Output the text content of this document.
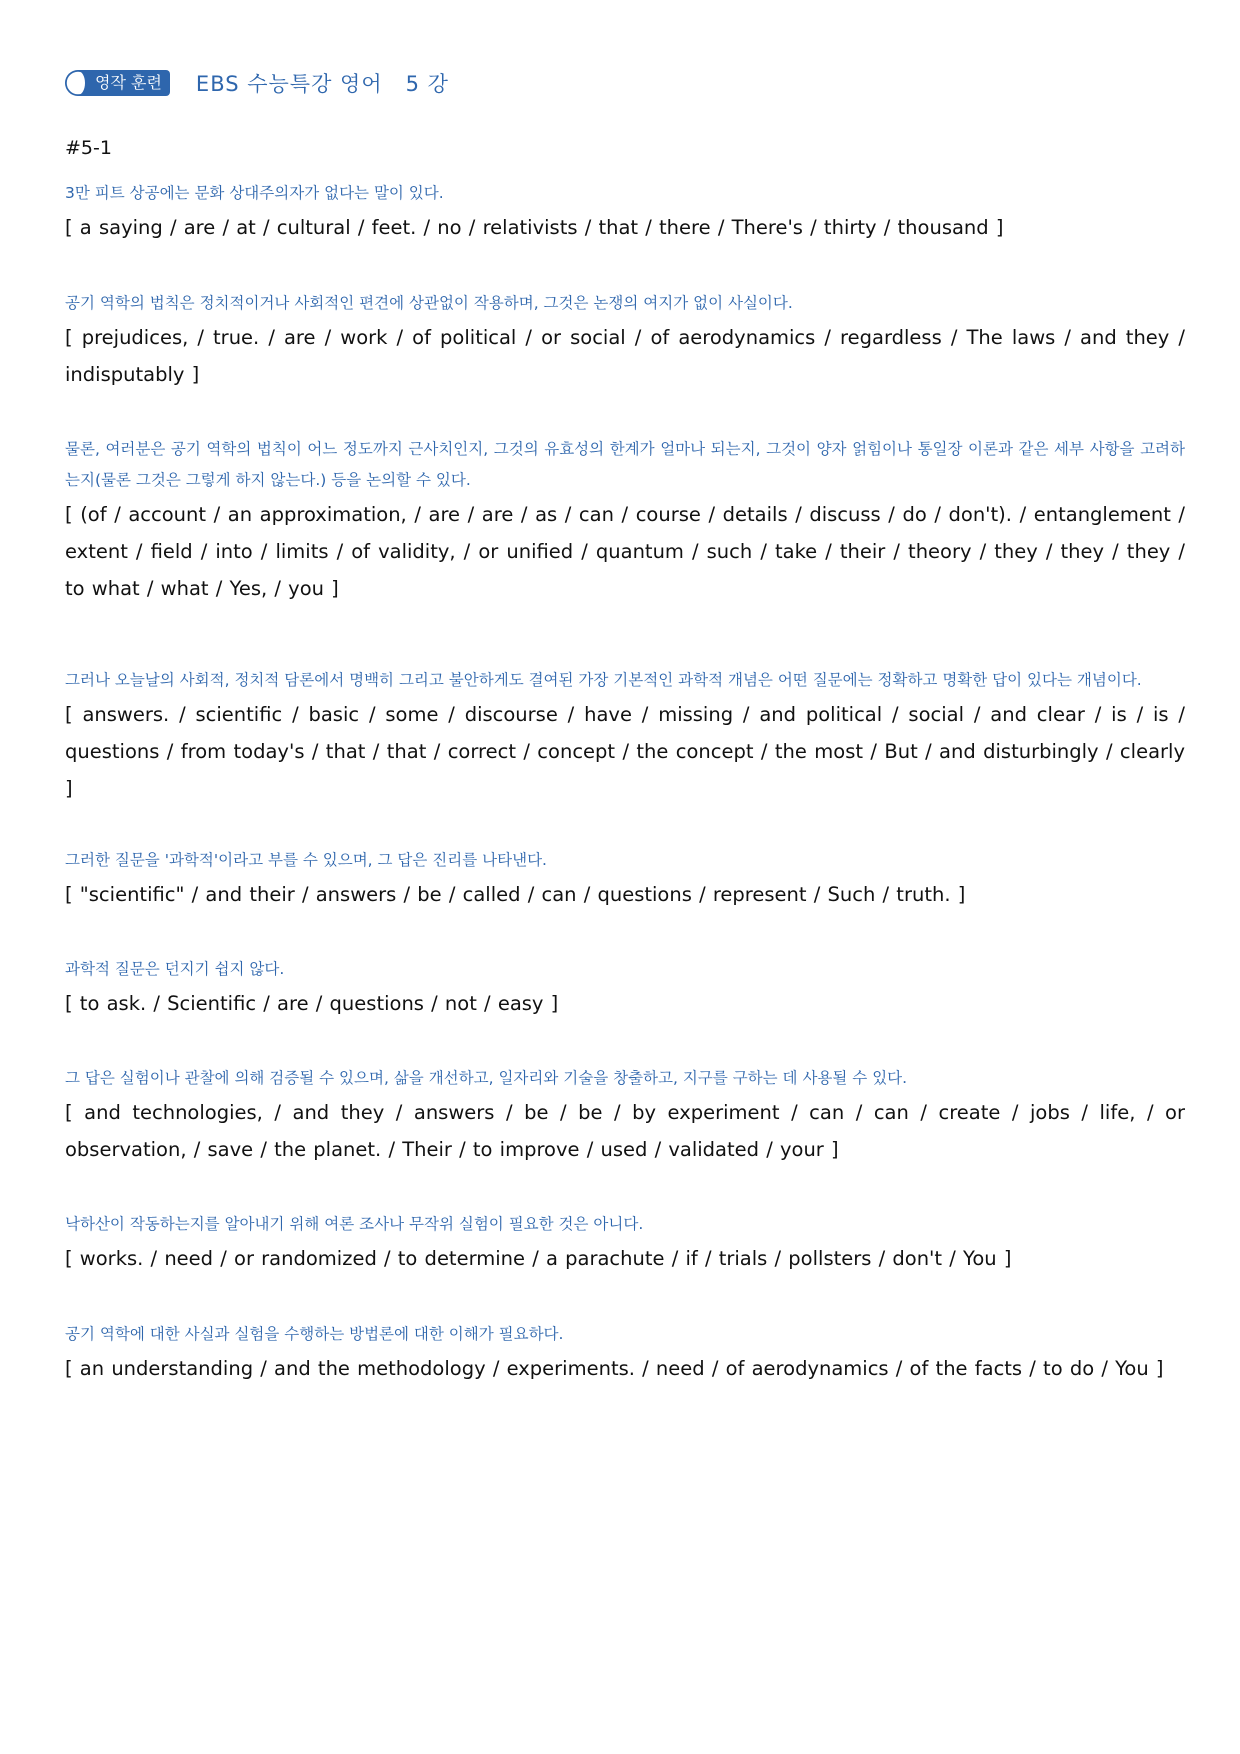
영작 훈련 EBS 수능특강 영어   5 강
#5-1
3만 피트 상공에는 문화 상대주의자가 없다는 말이 있다.
[ a saying / are / at / cultural / feet. / no / relativists / that / there / There's / thirty / thousand ]
공기 역학의 법칙은 정치적이거나 사회적인 편견에 상관없이 작용하며, 그것은 논쟁의 여지가 없이 사실이다.
[ prejudices, / true. / are / work / of political / or social / of aerodynamics / regardless / The laws / and they / indisputably ]
물론, 여러분은 공기 역학의 법칙이 어느 정도까지 근사치인지, 그것의 유효성의 한계가 얼마나 되는지, 그것이 양자 얽힘이나 통일장 이론과 같은 세부 사항을 고려하는지(물론 그것은 그렇게 하지 않는다.) 등을 논의할 수 있다.
[ (of / account / an approximation, / are / are / as / can / course / details / discuss / do / don't). / entanglement / extent / field / into / limits / of validity, / or unified / quantum / such / take / their / theory / they / they / they / to what / what / Yes, / you ]
그러나 오늘날의 사회적, 정치적 담론에서 명백히 그리고 불안하게도 결여된 가장 기본적인 과학적 개념은 어떤 질문에는 정확하고 명확한 답이 있다는 개념이다.
[ answers. / scientific / basic / some / discourse / have / missing / and political / social / and clear / is / is / questions / from today's / that / that / correct / concept / the concept / the most / But / and disturbingly / clearly ]
그러한 질문을 '과학적'이라고 부를 수 있으며, 그 답은 진리를 나타낸다.
[ "scientific" / and their / answers / be / called / can / questions / represent / Such / truth. ]
과학적 질문은 던지기 쉽지 않다.
[ to ask. / Scientific / are / questions / not / easy ]
그 답은 실험이나 관찰에 의해 검증될 수 있으며, 삶을 개선하고, 일자리와 기술을 창출하고, 지구를 구하는 데 사용될 수 있다.
[ and technologies, / and they / answers / be / be / by experiment / can / can / create / jobs / life, / or observation, / save / the planet. / Their / to improve / used / validated / your ]
낙하산이 작동하는지를 알아내기 위해 여론 조사나 무작위 실험이 필요한 것은 아니다.
[ works. / need / or randomized / to determine / a parachute / if / trials / pollsters / don't / You ]
공기 역학에 대한 사실과 실험을 수행하는 방법론에 대한 이해가 필요하다.
[ an understanding / and the methodology / experiments. / need / of aerodynamics / of the facts / to do / You ]
